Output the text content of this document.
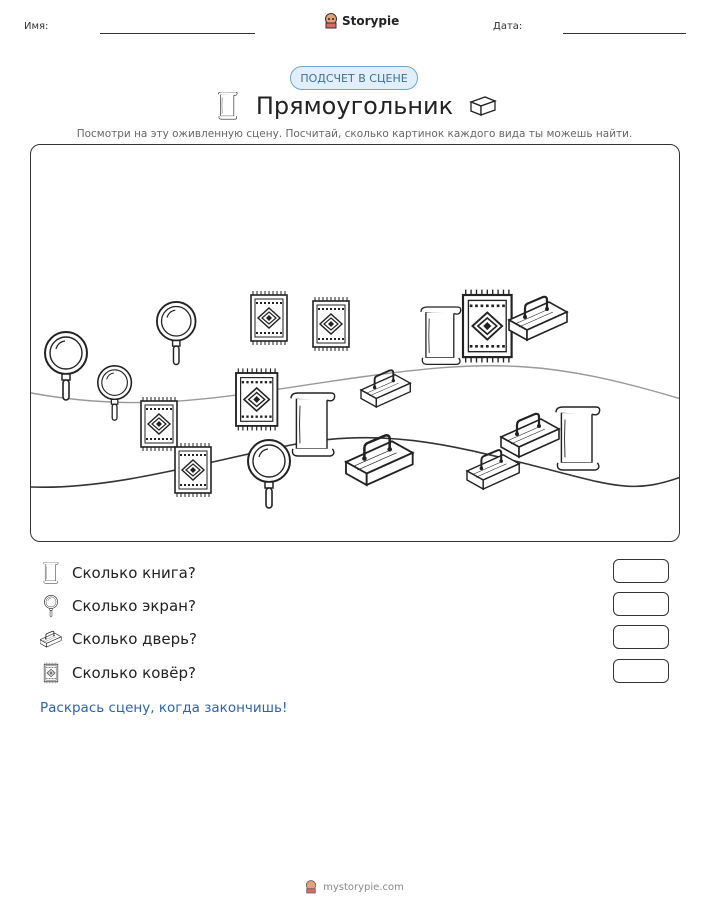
Имя:	Storypie	Дата:
ПОДСЧЕТ В СЦЕНЕ
Прямоугольник
Посмотри на эту оживленную сцену. Посчитай, сколько картинок каждого вида ты можешь найти.
Сколько книга?
Сколько экран?
Сколько дверь?
Сколько ковёр?
Раскрась сцену, когда закончишь!
mystorypie.com
